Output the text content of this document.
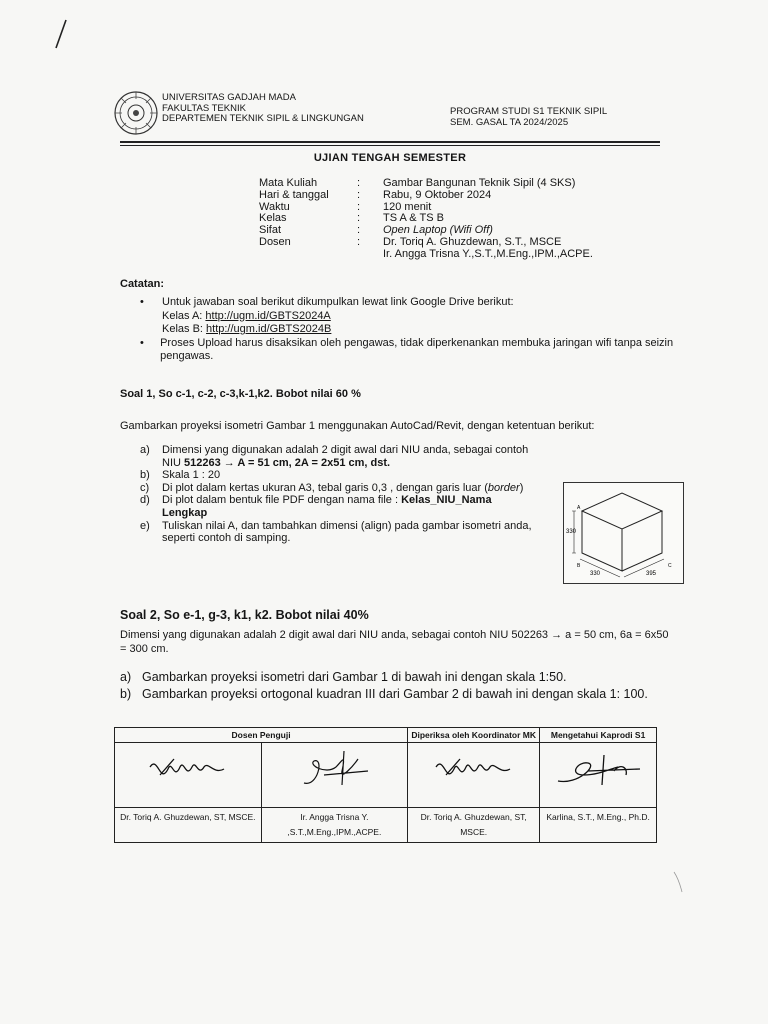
UNIVERSITAS GADJAH MADA
FAKULTAS TEKNIK
DEPARTEMEN TEKNIK SIPIL & LINGKUNGAN
PROGRAM STUDI S1 TEKNIK SIPIL
SEM. GASAL TA 2024/2025
UJIAN TENGAH SEMESTER
Mata Kuliah	:	Gambar Bangunan Teknik Sipil (4 SKS)
Hari & tanggal	:	Rabu, 9 Oktober 2024
Waktu	:	120 menit
Kelas	:	TS A & TS B
Sifat	:	Open Laptop (Wifi Off)
Dosen	:	Dr. Toriq A. Ghuzdewan, S.T., MSCE
Ir. Angga Trisna Y.,S.T.,M.Eng.,IPM.,ACPE.
Catatan:
•	Untuk jawaban soal berikut dikumpulkan lewat link Google Drive berikut:
Kelas A: http://ugm.id/GBTS2024A
Kelas B: http://ugm.id/GBTS2024B
•	Proses Upload harus disaksikan oleh pengawas, tidak diperkenankan membuka jaringan wifi tanpa seizin pengawas.
Soal 1, So c-1, c-2, c-3,k-1,k2. Bobot nilai 60 %
Gambarkan proyeksi isometri Gambar 1 menggunakan AutoCad/Revit, dengan ketentuan berikut:
a)	Dimensi yang digunakan adalah 2 digit awal dari NIU anda, sebagai contoh
NIU 512263 → A = 51 cm, 2A = 2x51 cm, dst.
b)	Skala 1 : 20
c)	Di plot dalam kertas ukuran A3, tebal garis 0,3 , dengan garis luar (border)
d)	Di plot dalam bentuk file PDF dengan nama file : Kelas_NIU_Nama Lengkap
e)	Tuliskan nilai A, dan tambahkan dimensi (align) pada gambar isometri anda, seperti contoh di samping.
330
A
B	C
330	395
Soal 2, So e-1, g-3, k1, k2. Bobot nilai 40%
Dimensi yang digunakan adalah 2 digit awal dari NIU anda, sebagai contoh NIU 502263 → a = 50 cm, 6a = 6x50 = 300 cm.
a) Gambarkan proyeksi isometri dari Gambar 1 di bawah ini dengan skala 1:50.
b) Gambarkan proyeksi ortogonal kuadran III dari Gambar 2 di bawah ini dengan skala 1: 100.
Dosen Penguji		Diperiksa oleh Koordinator MK	Mengetahui Kaprodi S1

Dr. Toriq A. Ghuzdewan, ST, MSCE.	Ir. Angga Trisna Y. ,S.T.,M.Eng.,IPM.,ACPE.	Dr. Toriq A. Ghuzdewan, ST, MSCE.	Karlina, S.T., M.Eng., Ph.D.
